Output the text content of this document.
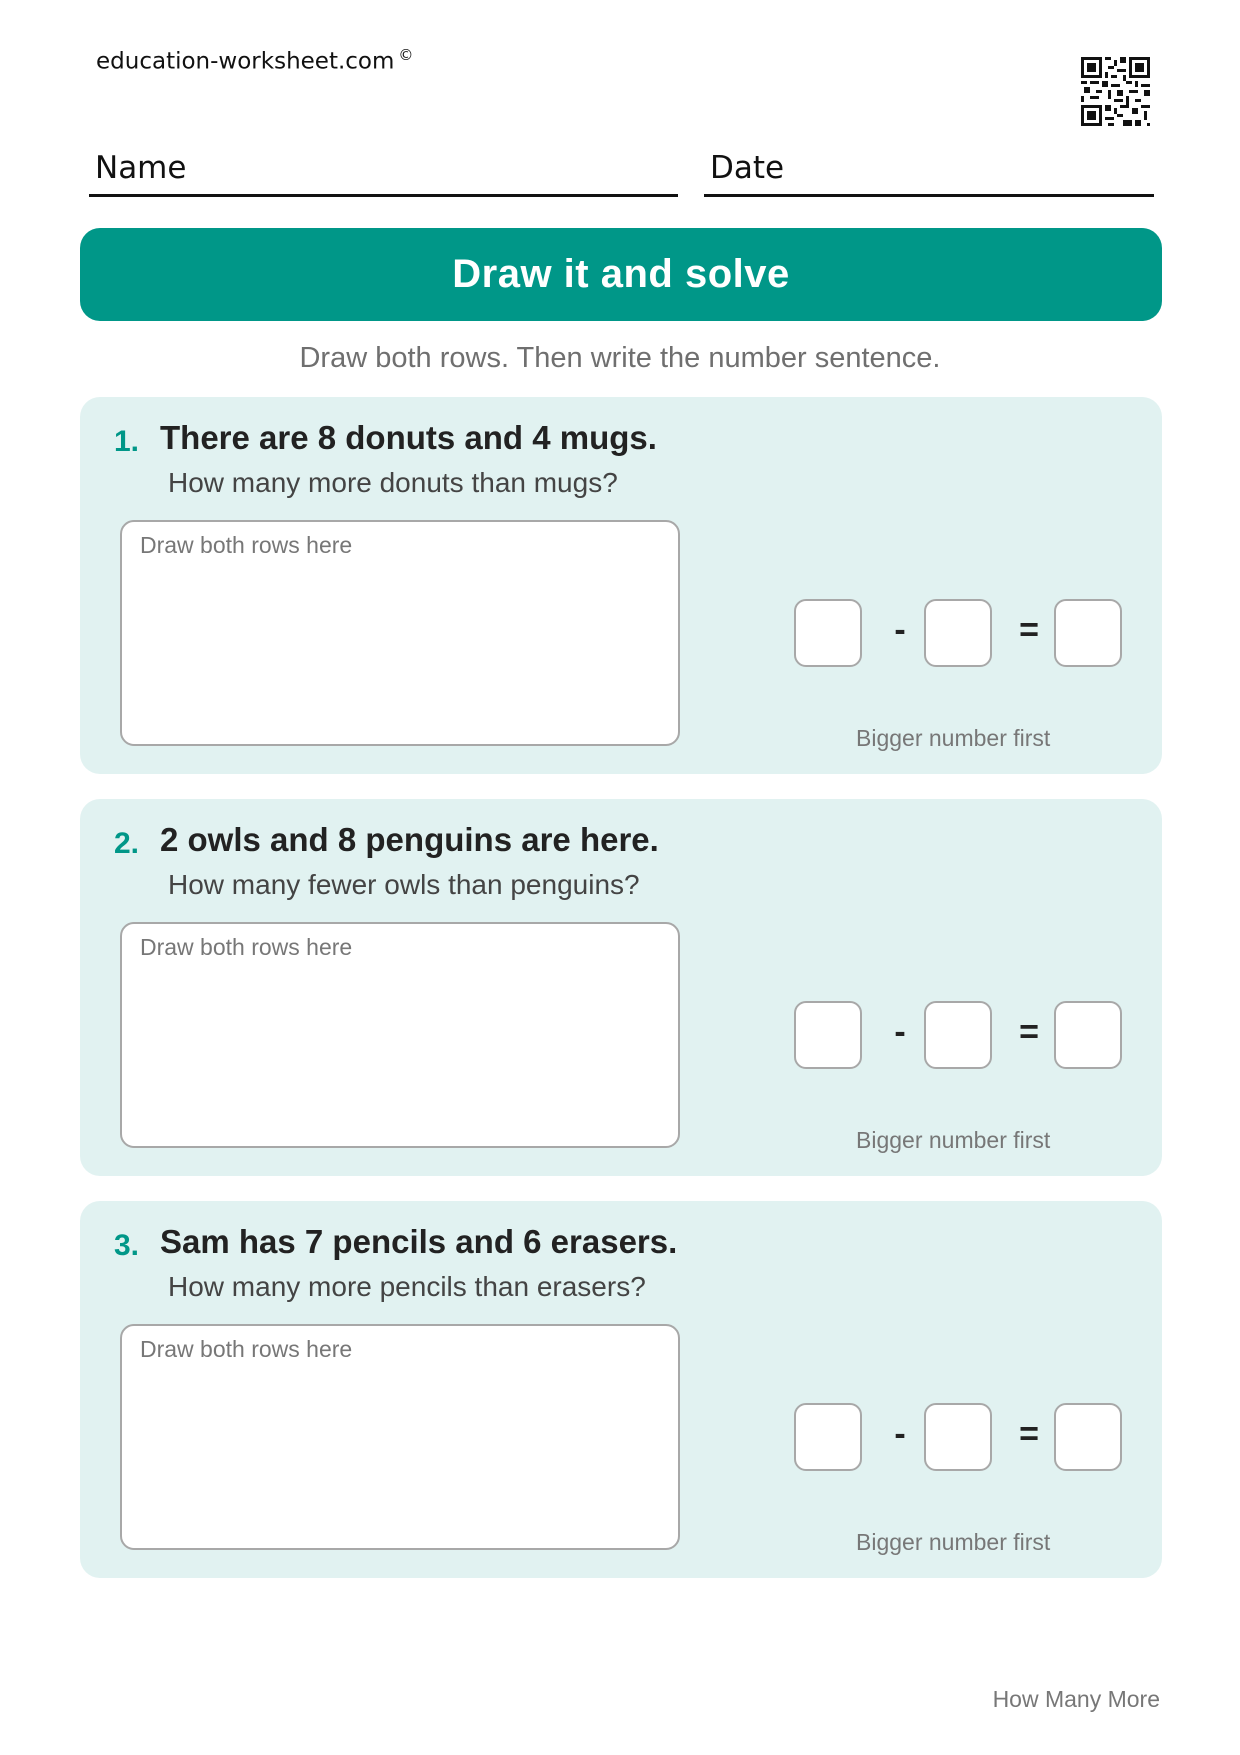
education-worksheet.com ©
Name	Date
Draw it and solve
Draw both rows. Then write the number sentence.
1. There are 8 donuts and 4 mugs.
How many more donuts than mugs?
Draw both rows here
-	=
Bigger number first
2. 2 owls and 8 penguins are here.
How many fewer owls than penguins?
Draw both rows here
-	=
Bigger number first
3. Sam has 7 pencils and 6 erasers.
How many more pencils than erasers?
Draw both rows here
-	=
Bigger number first
How Many More
